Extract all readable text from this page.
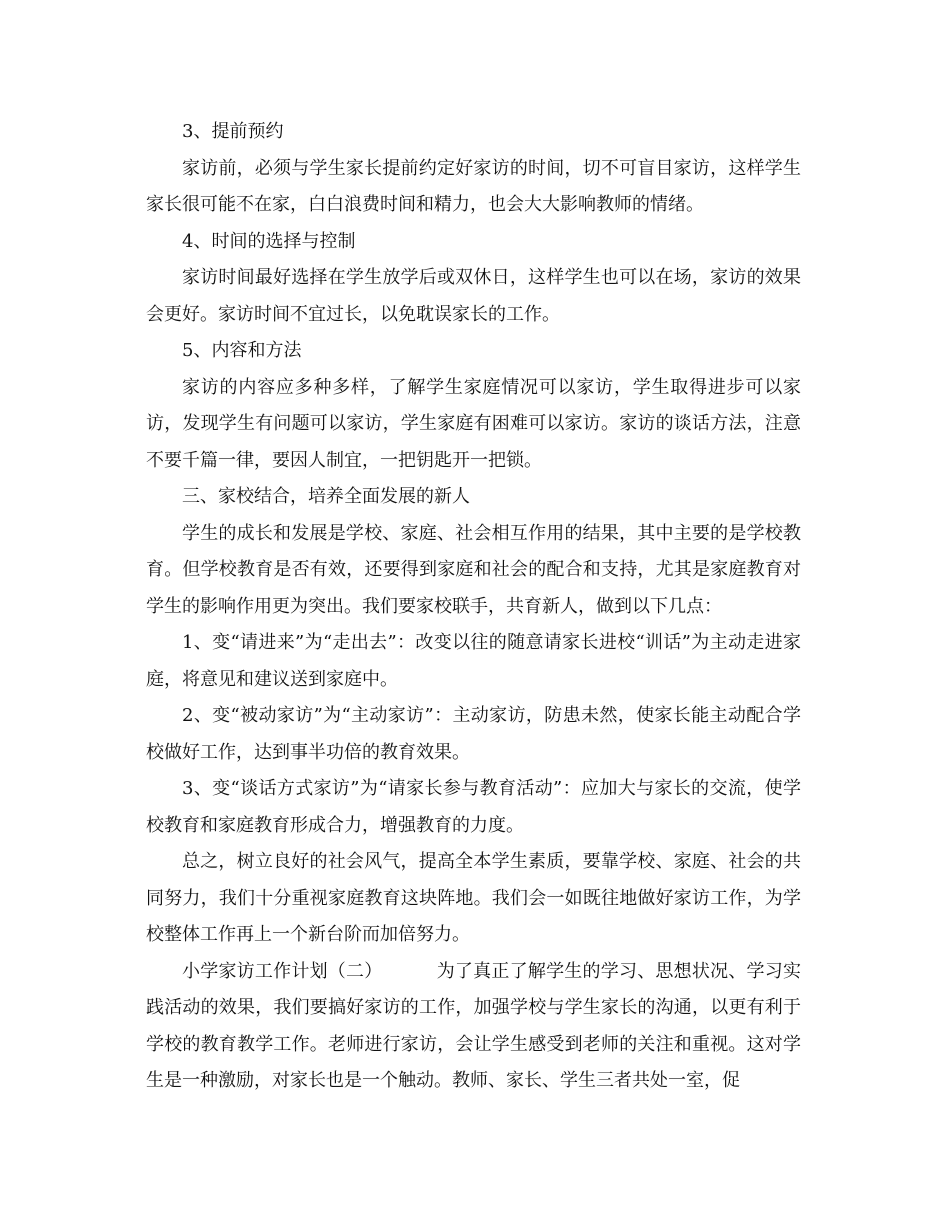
3、提前预约

家访前，必须与学生家长提前约定好家访的时间，切不可盲目家访，这样学生家长很可能不在家，白白浪费时间和精力，也会大大影响教师的情绪。

4、时间的选择与控制

家访时间最好选择在学生放学后或双休日，这样学生也可以在场，家访的效果会更好。家访时间不宜过长，以免耽误家长的工作。

5、内容和方法

家访的内容应多种多样，了解学生家庭情况可以家访，学生取得进步可以家访，发现学生有问题可以家访，学生家庭有困难可以家访。家访的谈话方法，注意不要千篇一律，要因人制宜，一把钥匙开一把锁。

三、家校结合，培养全面发展的新人

学生的成长和发展是学校、家庭、社会相互作用的结果，其中主要的是学校教育。但学校教育是否有效，还要得到家庭和社会的配合和支持，尤其是家庭教育对学生的影响作用更为突出。我们要家校联手，共育新人，做到以下几点：

1、变“请进来”为“走出去”：改变以往的随意请家长进校“训话”为主动走进家庭，将意见和建议送到家庭中。

2、变“被动家访”为“主动家访”：主动家访，防患未然，使家长能主动配合学校做好工作，达到事半功倍的教育效果。

3、变“谈话方式家访”为“请家长参与教育活动”：应加大与家长的交流，使学校教育和家庭教育形成合力，增强教育的力度。

总之，树立良好的社会风气，提高全本学生素质，要靠学校、家庭、社会的共同努力，我们十分重视家庭教育这块阵地。我们会一如既往地做好家访工作，为学校整体工作再上一个新台阶而加倍努力。

小学家访工作计划（二）	为了真正了解学生的学习、思想状况、学习实践活动的效果，我们要搞好家访的工作，加强学校与学生家长的沟通，以更有利于学校的教育教学工作。老师进行家访，会让学生感受到老师的关注和重视。这对学生是一种激励，对家长也是一个触动。教师、家长、学生三者共处一室，促
